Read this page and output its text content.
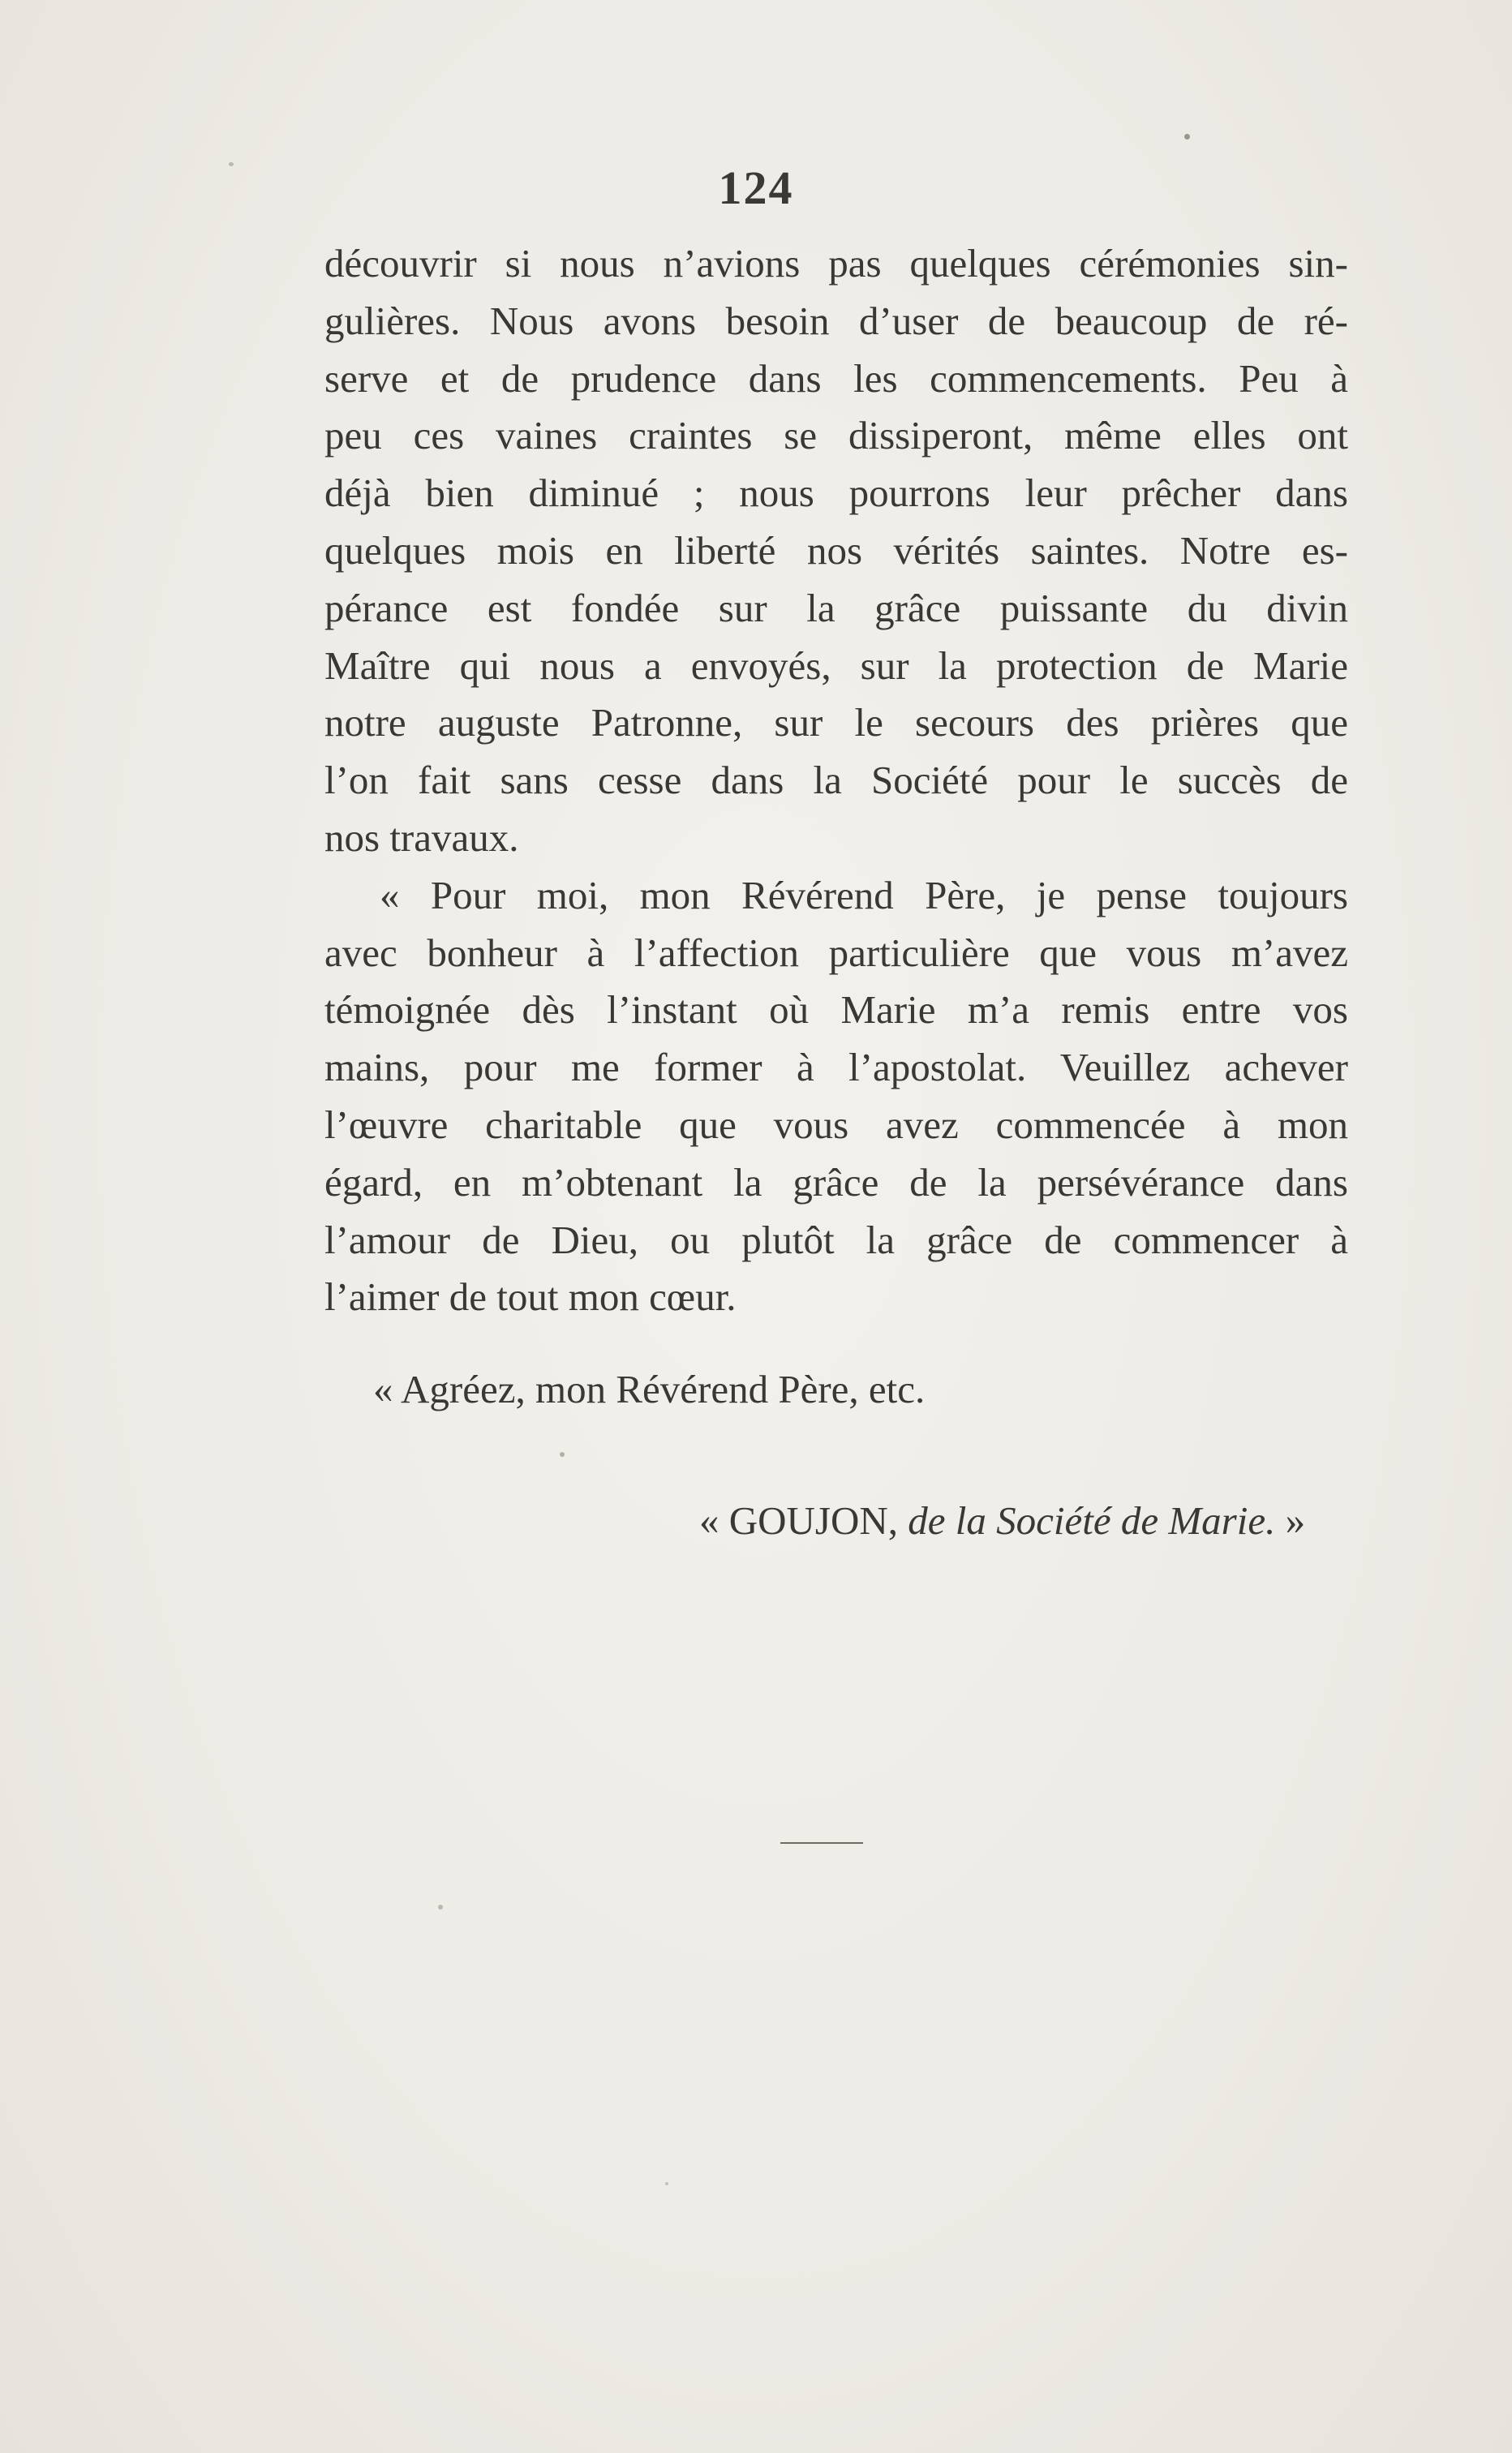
124
découvrir si nous n’avions pas quelques cérémonies sin-
gulières. Nous avons besoin d’user de beaucoup de ré-
serve et de prudence dans les commencements. Peu à
peu ces vaines craintes se dissiperont, même elles ont
déjà bien diminué ; nous pourrons leur prêcher dans
quelques mois en liberté nos vérités saintes. Notre es-
pérance est fondée sur la grâce puissante du divin
Maître qui nous a envoyés, sur la protection de Marie
notre auguste Patronne, sur le secours des prières que
l’on fait sans cesse dans la Société pour le succès de
nos travaux.
« Pour moi, mon Révérend Père, je pense toujours
avec bonheur à l’affection particulière que vous m’avez
témoignée dès l’instant où Marie m’a remis entre vos
mains, pour me former à l’apostolat. Veuillez achever
l’œuvre charitable que vous avez commencée à mon
égard, en m’obtenant la grâce de la persévérance dans
l’amour de Dieu, ou plutôt la grâce de commencer à
l’aimer de tout mon cœur.
« Agréez, mon Révérend Père, etc.
« GOUJON, de la Société de Marie. »
